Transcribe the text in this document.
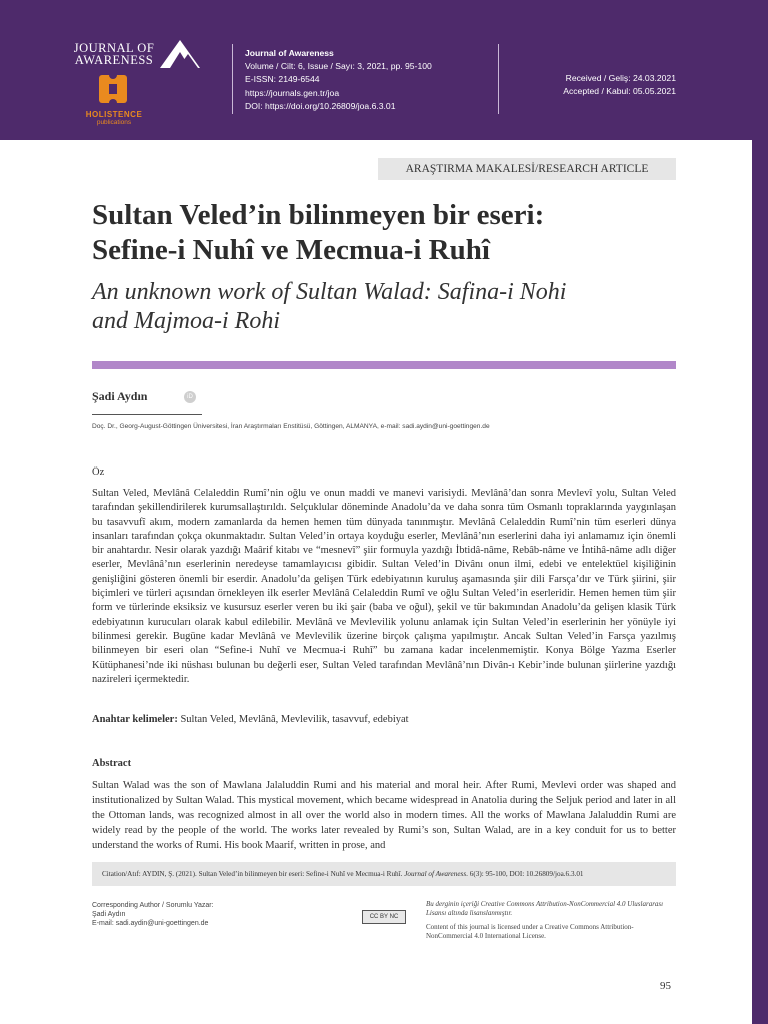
JOURNAL OF
AWARENESS
HOLISTENCE
publications
Journal of Awareness
Volume / Cilt: 6, Issue / Sayı: 3, 2021, pp. 95-100
E-ISSN: 2149-6544
https://journals.gen.tr/joa
DOI: https://doi.org/10.26809/joa.6.3.01
Received / Geliş: 24.03.2021
Accepted / Kabul: 05.05.2021
ARAŞTIRMA MAKALESİ/RESEARCH ARTICLE
Sultan Veled’in bilinmeyen bir eseri:
Sefine-i Nuhî ve Mecmua-i Ruhî
An unknown work of Sultan Walad: Safina-i Nohi
and Majmoa-i Rohi
Şadi Aydın	iD
Doç. Dr., Georg-August-Göttingen Üniversitesi, İran Araştırmaları Enstitüsü, Göttingen, ALMANYA, e-mail: sadi.aydin@uni-goettingen.de
Öz
Sultan Veled, Mevlânâ Celaleddin Rumî’nin oğlu ve onun maddi ve manevi varisiydi. Mevlânâ’dan sonra Mevlevî yolu, Sultan Veled tarafından şekillendirilerek kurumsallaştırıldı. Selçuklular döneminde Anadolu’da ve daha sonra tüm Osmanlı topraklarında yaygınlaşan bu tasavvufî akım, modern zamanlarda da hemen hemen tüm dünyada tanınmıştır. Mevlânâ Celaleddin Rumî’nin tüm eserleri dünya insanları tarafından çokça okunmaktadır. Sultan Veled’in ortaya koyduğu eserler, Mevlânâ’nın eserlerini daha iyi anlamamız için önemli bir anahtardır. Nesir olarak yazdığı Maârif kitabı ve “mesnevî” şiir formuyla yazdığı İbtidâ-nâme, Rebâb-nâme ve İntihâ-nâme adlı diğer eserler, Mevlânâ’nın eserlerinin neredeyse tamamlayıcısı gibidir. Sultan Veled’in Divânı onun ilmi, edebi ve entelektüel kişiliğinin genişliğini gösteren önemli bir eserdir. Anadolu’da gelişen Türk edebiyatının kuruluş aşamasında şiir dili Farsça’dır ve Türk şiirini, şiir biçimleri ve türleri açısından örnekleyen ilk eserler Mevlânâ Celaleddin Rumî ve oğlu Sultan Veled’in eserleridir. Hemen hemen tüm şiir form ve türlerinde eksiksiz ve kusursuz eserler veren bu iki şair (baba ve oğul), şekil ve tür bakımından Anadolu’da gelişen klasik Türk edebiyatının kurucuları olarak kabul edilebilir. Mevlânâ ve Mevlevilik yolunu anlamak için Sultan Veled’in eserlerinin her yönüyle iyi bilinmesi gerekir. Bugüne kadar Mevlânâ ve Mevlevilik üzerine birçok çalışma yapılmıştır. Ancak Sultan Veled’in Farsça yazılmış bilinmeyen bir eseri olan “Sefine-i Nuhî ve Mecmua-i Ruhî” bu zamana kadar incelenmemiştir. Konya Bölge Yazma Eserler Kütüphanesi’nde iki nüshası bulunan bu değerli eser, Sultan Veled tarafından Mevlânâ’nın Divân-ı Kebir’inde bulunan şiirlerine yazdığı nazireleri içermektedir.
Anahtar kelimeler: Sultan Veled, Mevlânâ, Mevlevilik, tasavvuf, edebiyat
Abstract
Sultan Walad was the son of Mawlana Jalaluddin Rumi and his material and moral heir. After Rumi, Mevlevi order was shaped and institutionalized by Sultan Walad. This mystical movement, which became widespread in Anatolia during the Seljuk period and later in all the Ottoman lands, was recognized almost in all over the world also in modern times. All the works of Mawlana Jalaluddin Rumi are widely read by the people of the world. The works later revealed by Rumi’s son, Sultan Walad, are in a key conduit for us to better understand the works of Rumi. His book Maarif, written in prose, and
Citation/Atıf: AYDIN, Ş. (2021). Sultan Veled’in bilinmeyen bir eseri: Sefine-i Nuhî ve Mecmua-i Ruhî. Journal of Awareness. 6(3): 95-100, DOI: 10.26809/joa.6.3.01
Corresponding Author / Sorumlu Yazar:
Şadi Aydın
E-mail: sadi.aydin@uni-goettingen.de
CC BY NC
Bu derginin içeriği Creative Commons Attribution-NonCommercial 4.0 Uluslararası Lisansı altında lisanslanmıştır.
Content of this journal is licensed under a Creative Commons Attribution-NonCommercial 4.0 International License.
95
